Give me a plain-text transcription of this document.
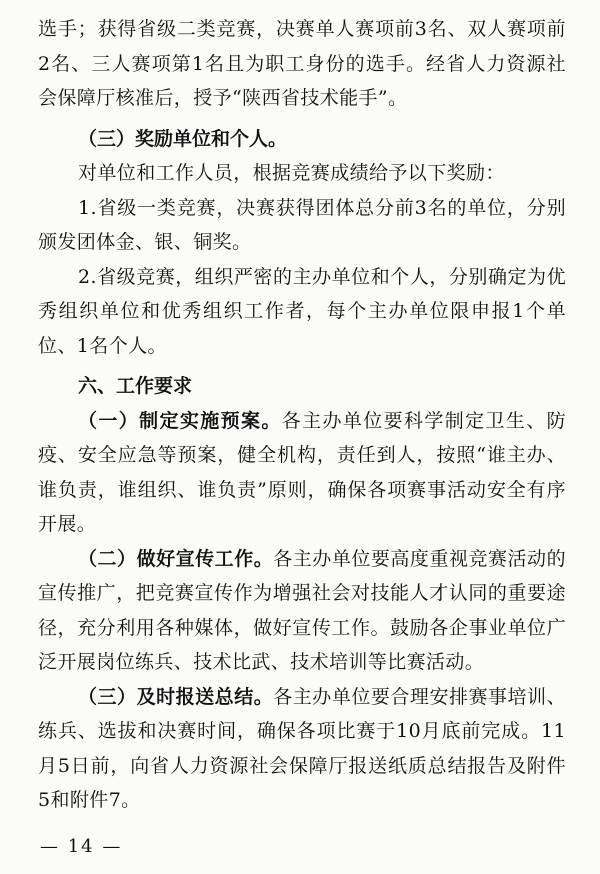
选手；获得省级二类竞赛，决赛单人赛项前3名、双人赛项前2名、三人赛项第1名且为职工身份的选手。经省人力资源社会保障厅核准后，授予“陕西省技术能手”。

（三）奖励单位和个人。

对单位和工作人员，根据竞赛成绩给予以下奖励：

1.省级一类竞赛，决赛获得团体总分前3名的单位，分别颁发团体金、银、铜奖。

2.省级竞赛，组织严密的主办单位和个人，分别确定为优秀组织单位和优秀组织工作者，每个主办单位限申报1个单位、1名个人。

六、工作要求

（一）制定实施预案。各主办单位要科学制定卫生、防疫、安全应急等预案，健全机构，责任到人，按照“谁主办、谁负责，谁组织、谁负责”原则，确保各项赛事活动安全有序开展。

（二）做好宣传工作。各主办单位要高度重视竞赛活动的宣传推广，把竞赛宣传作为增强社会对技能人才认同的重要途径，充分利用各种媒体，做好宣传工作。鼓励各企事业单位广泛开展岗位练兵、技术比武、技术培训等比赛活动。

（三）及时报送总结。各主办单位要合理安排赛事培训、练兵、选拔和决赛时间，确保各项比赛于10月底前完成。11月5日前，向省人力资源社会保障厅报送纸质总结报告及附件5和附件7。

— 14 —
